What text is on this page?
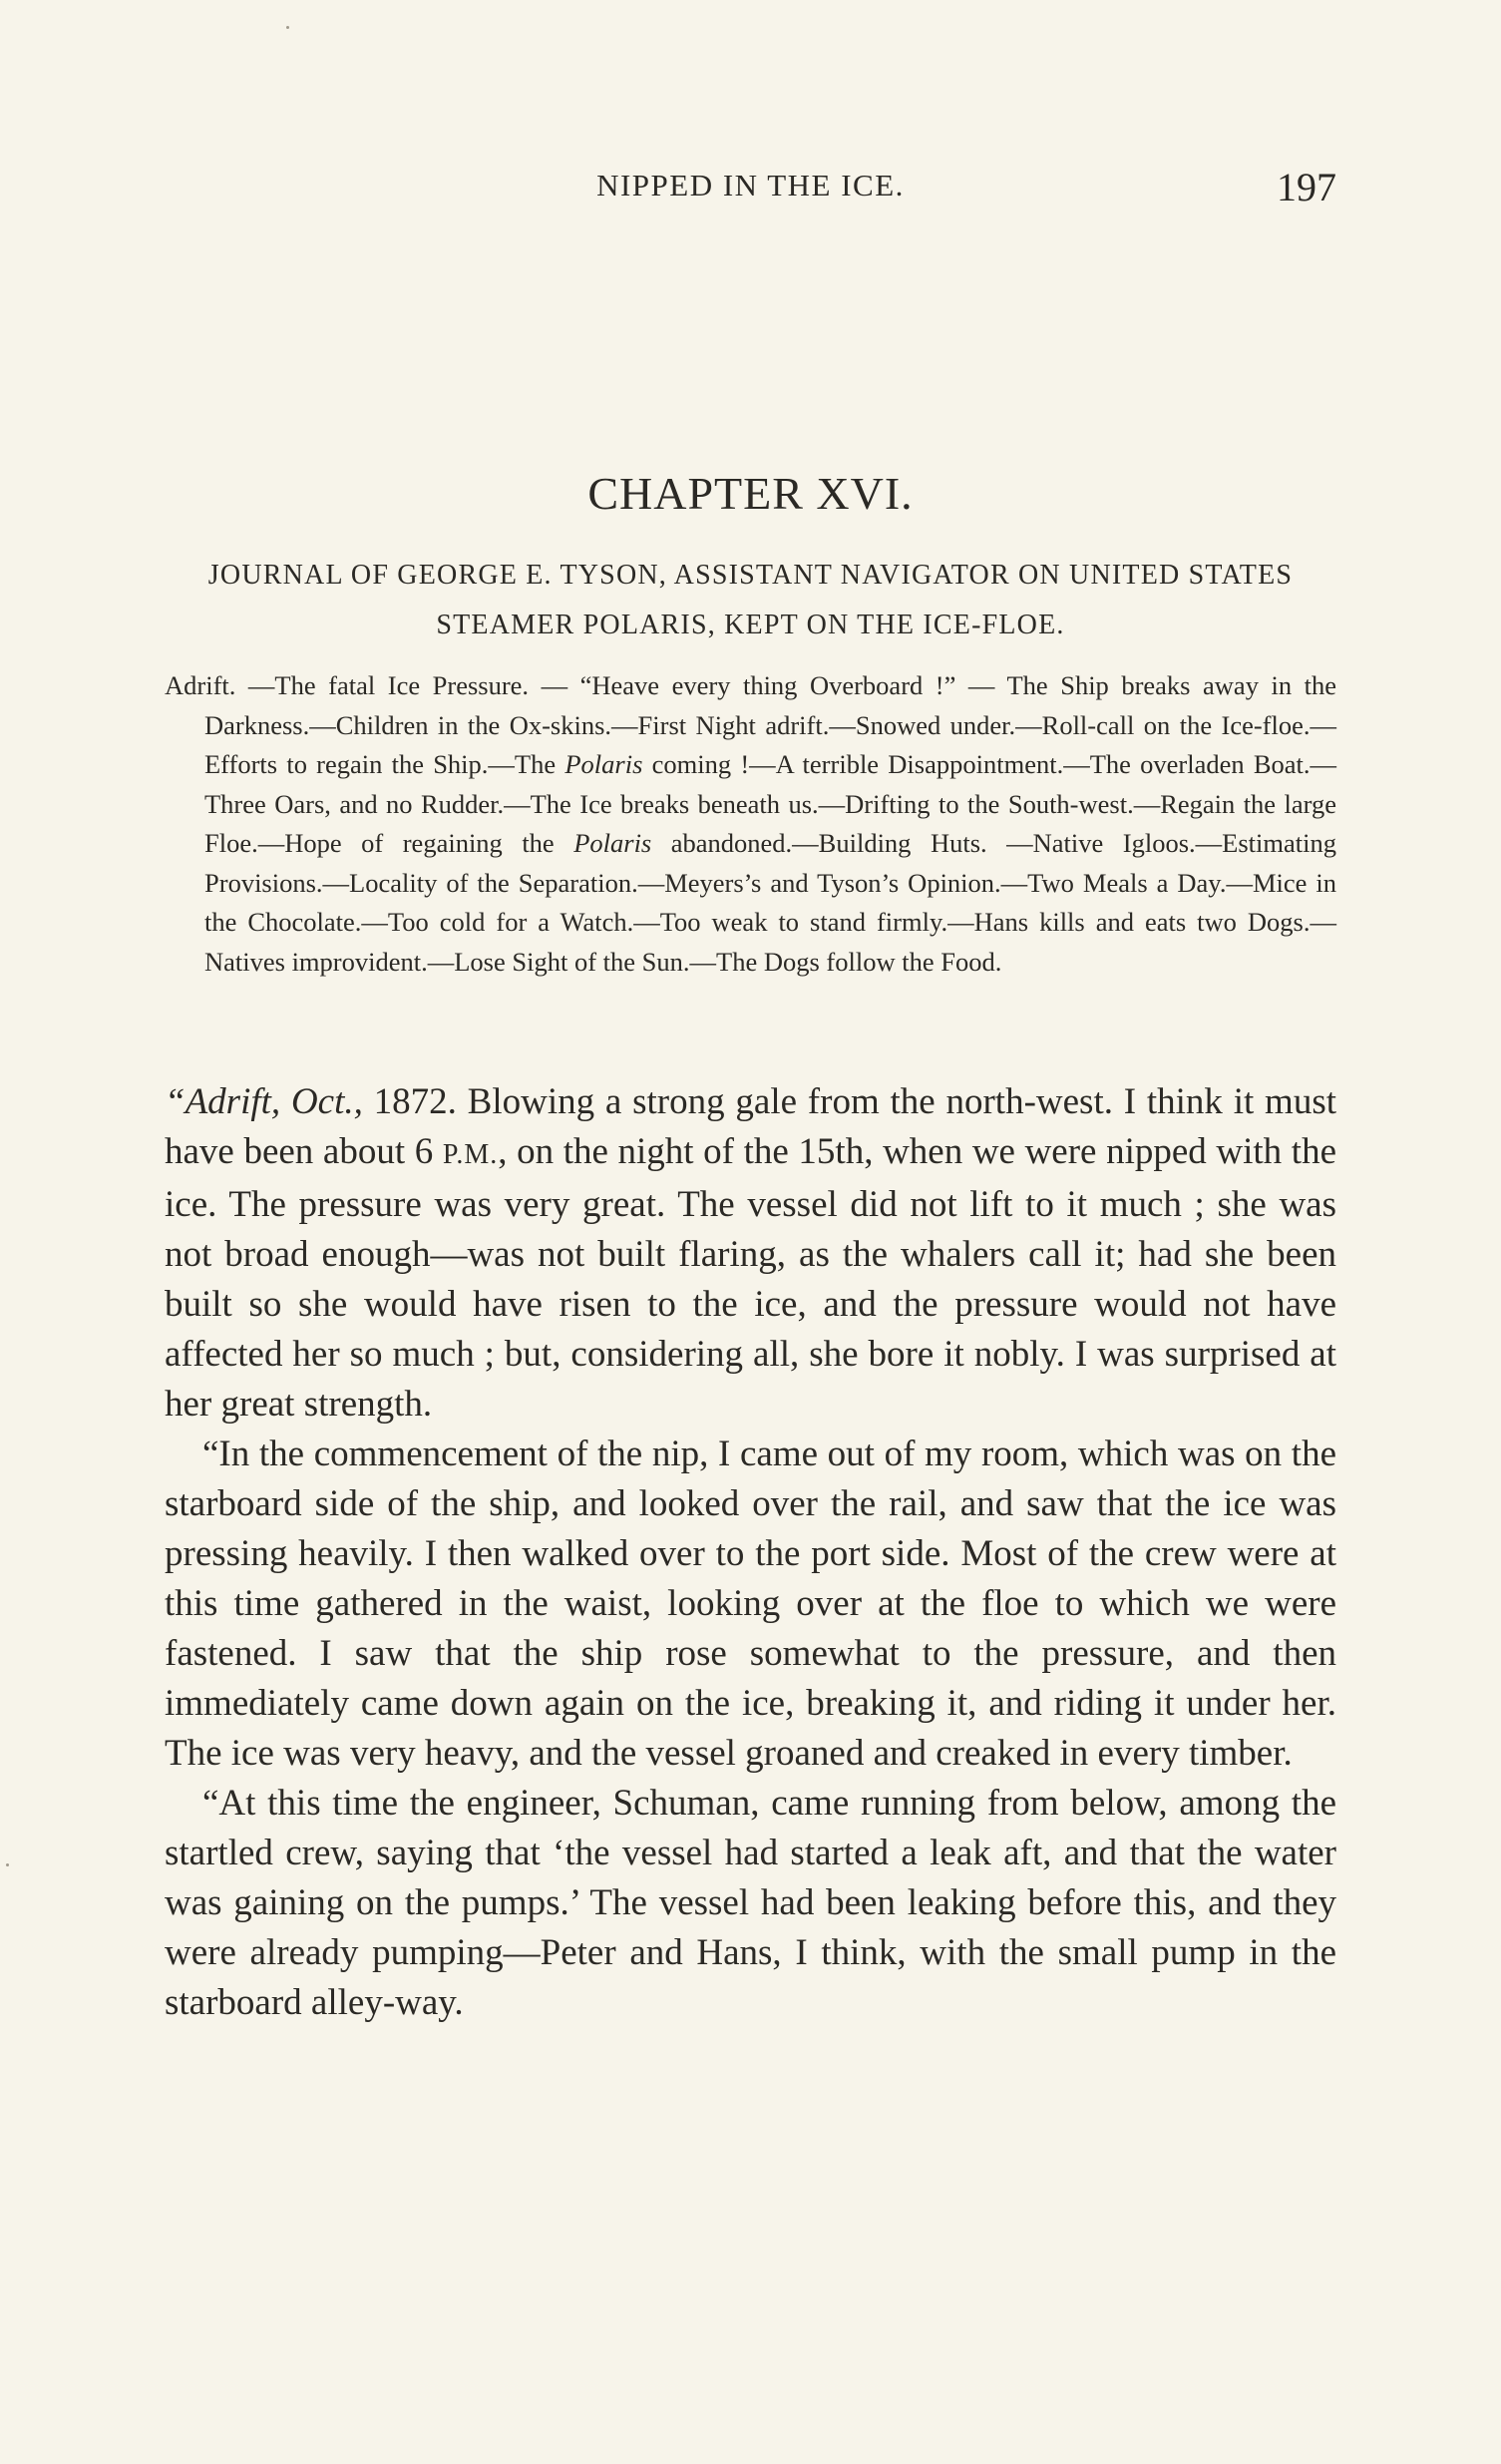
NIPPED IN THE ICE.	197
CHAPTER XVI.
JOURNAL OF GEORGE E. TYSON, ASSISTANT NAVIGATOR ON UNITED STATES STEAMER POLARIS, KEPT ON THE ICE-FLOE.

Adrift. —The fatal Ice Pressure. — “Heave every thing Overboard !” — The Ship breaks away in the Darkness.—Children in the Ox-skins.—First Night adrift.—Snowed under.—Roll-call on the Ice-floe.—Efforts to regain the Ship.—The Polaris coming !—A terrible Disappointment.—The overladen Boat.—Three Oars, and no Rudder.—The Ice breaks beneath us.—Drifting to the South-west.—Regain the large Floe.—Hope of regaining the Polaris abandoned.—Building Huts. —Native Igloos.—Estimating Provisions.—Locality of the Separation.—Meyers’s and Tyson’s Opinion.—Two Meals a Day.—Mice in the Chocolate.—Too cold for a Watch.—Too weak to stand firmly.—Hans kills and eats two Dogs.—Natives improvident.—Lose Sight of the Sun.—The Dogs follow the Food.

“Adrift, Oct., 1872. Blowing a strong gale from the north-west. I think it must have been about 6 P.M., on the night of the 15th, when we were nipped with the ice. The pressure was very great. The vessel did not lift to it much ; she was not broad enough—was not built flaring, as the whalers call it; had she been built so she would have risen to the ice, and the pressure would not have affected her so much ; but, considering all, she bore it nobly. I was surprised at her great strength.

“In the commencement of the nip, I came out of my room, which was on the starboard side of the ship, and looked over the rail, and saw that the ice was pressing heavily. I then walked over to the port side. Most of the crew were at this time gathered in the waist, looking over at the floe to which we were fastened. I saw that the ship rose somewhat to the pressure, and then immediately came down again on the ice, breaking it, and riding it under her. The ice was very heavy, and the vessel groaned and creaked in every timber.

“At this time the engineer, Schuman, came running from below, among the startled crew, saying that ‘the vessel had started a leak aft, and that the water was gaining on the pumps.’ The vessel had been leaking before this, and they were already pumping—Peter and Hans, I think, with the small pump in the starboard alley-way.
